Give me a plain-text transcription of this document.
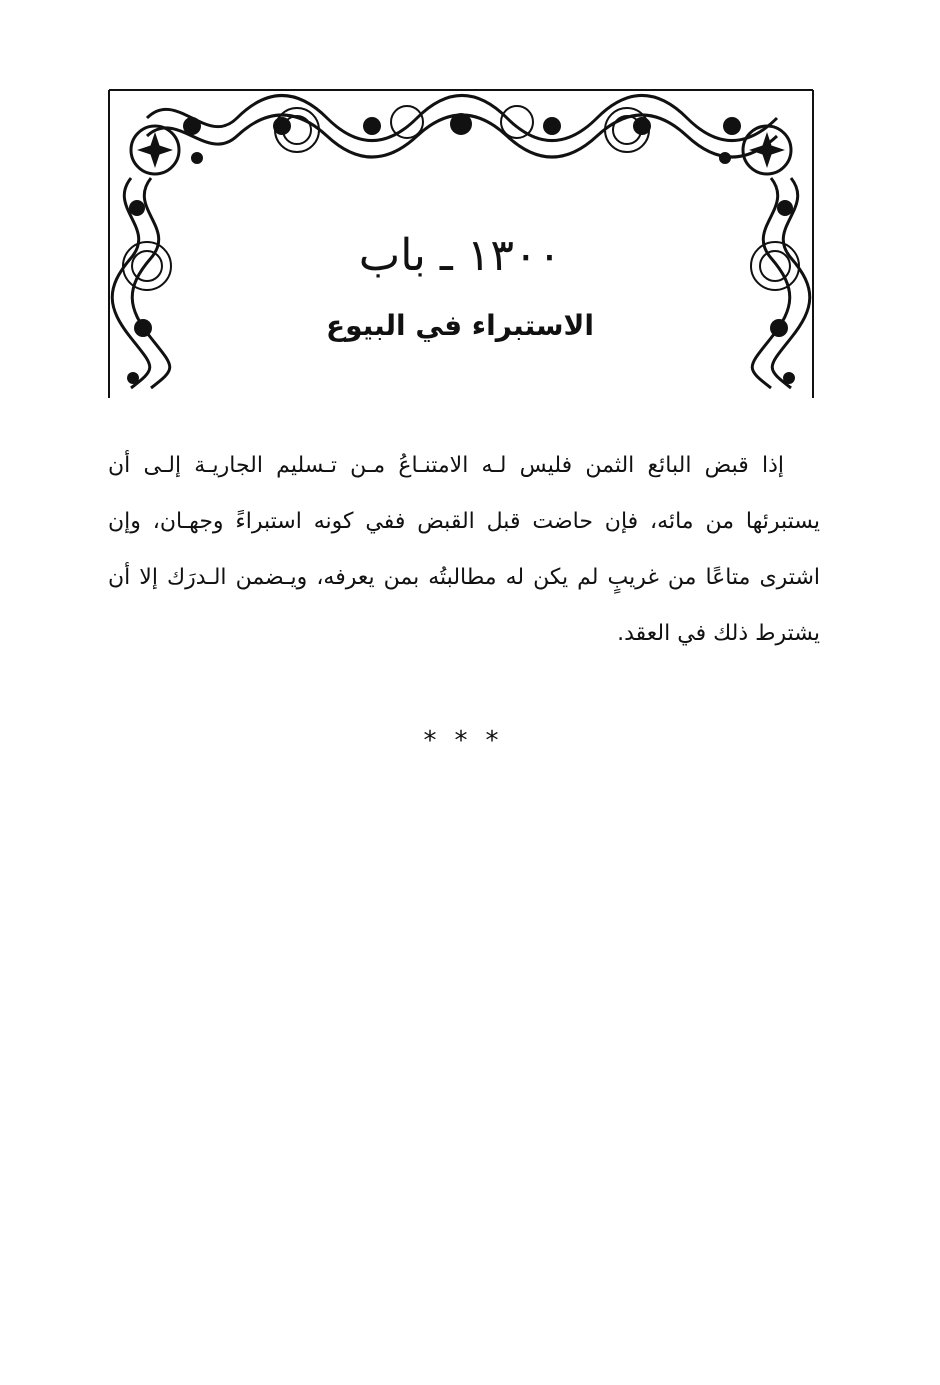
١٣٠٠ ـ باب
الاستبراء في البيوع

إذا قبض البائع الثمن فليس لـه الامتنـاعُ مـن تـسليم الجاريـة إلـى أن يستبرئها من مائه، فإن حاضت قبل القبض ففي كونه استبراءً وجهـان، وإن اشترى متاعًا من غريبٍ لم يكن له مطالبتُه بمن يعرفه، ويـضمن الـدرَك إلا أن يشترط ذلك في العقد.

***
